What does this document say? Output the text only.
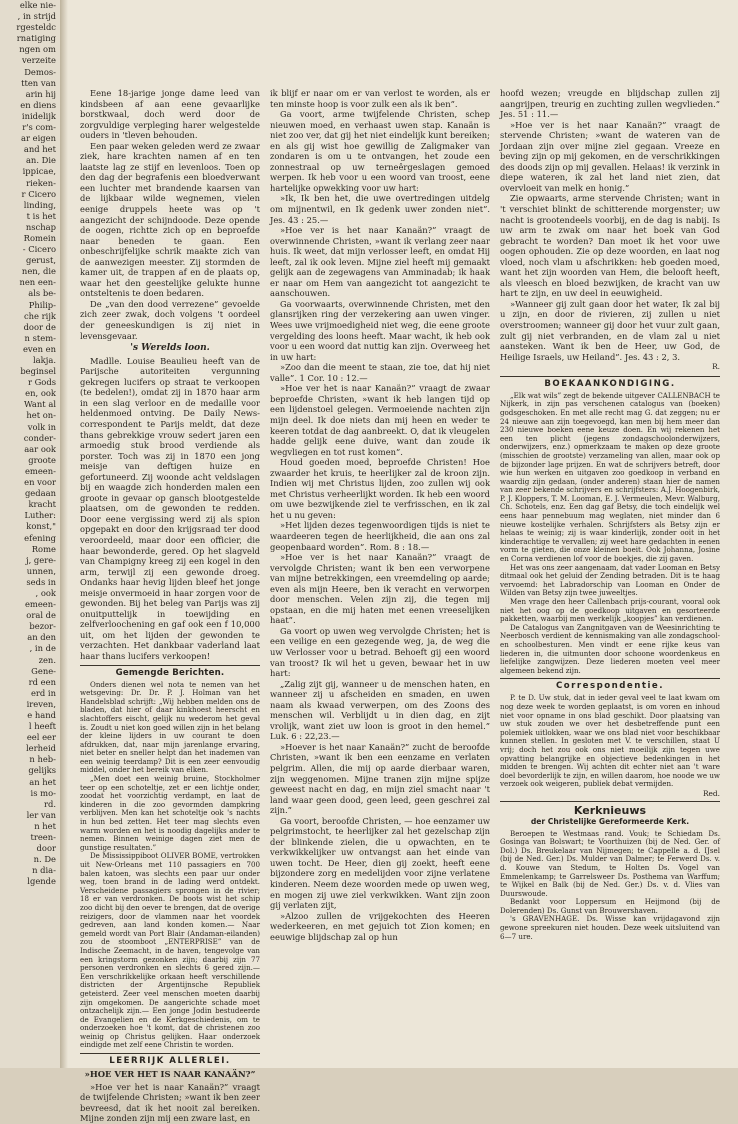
elke nie-
, in strijd
rgesteldc
rnatiging
ngen om
verzeite
Demos-
tten van
arin hij
en diens
inidelijk
r's com-
ar eigen
and het
an. Die
ippicae,
rieken-
r Cicero
linding,
t is het
nschap
Romein
- Cicero
gerust,
nen, die
nen een-
als be-
Philip-
che rijk
door de
n stem-
even en
lakja.
beginsel
r Gods
en, ook
Want al
het on-
volk in
conder-
aar ook
groote
emeen-
en voor
gedaan
kracht
Luther:
konst,"
efening
Rome
j, gere-
unnen,
seds in
, ook
emeen-
oral de
bezor-
an den
, in de
zen.
Gene-
rd een
erd in
ireven,
e hand
l heeft
eel eer
lerheid
n heb-
gelijks
an het
is mo-
rd.
ler van
n het
treen-
door
n. De
n dia-
lgende

Eene 18-jarige jonge dame leed van kindsbeen af aan eene gevaarlijke borstkwaal, doch werd door de zorgvuldige verpleging harer welgestelde ouders in 'tleven behouden.

Een paar weken geleden werd ze zwaar ziek, hare krachten namen af en ten laatste lag ze stijf en levenloos. Toen op den dag der begrafenis een bloedverwant een luchter met brandende kaarsen van de lijkbaar wilde wegnemen, vielen eenige druppels heete was op 't aangezicht der schijndoode. Deze opende de oogen, richtte zich op en beproefde naar beneden te gaan. Een onbeschrijfelijke schrik maakte zich van de aanwezigen meester. Zij stormden de kamer uit, de trappen af en de plaats op, waar het den geestelijke gelukte hunne ontsteltenis te doen bedaren.

De „van den dood verrezene” gevoelde zich zeer zwak, doch volgens 't oordeel der geneeskundigen is zij niet in levensgevaar.

's Werelds loon.

Madlle. Louise Beaulieu heeft van de Parijsche autoriteiten vergunning gekregen lucifers op straat te verkoopen (te bedelen!), omdat zij in 1870 haar arm in een slag verloor en de medaille voor heldenmoed ontving. De Daily News-correspondent te Parijs meldt, dat deze thans gebrekkige vrouw sedert jaren een armoedig stuk brood verdiende als porster. Toch was zij in 1870 een jong meisje van deftigen huize en gefortuneerd. Zij woonde acht veldslagen bij en waagde zich honderden malen een groote in gevaar op gansch blootgestelde plaatsen, om de gewonden te redden. Door eene vergissing werd zij als spion opgepakt en door den krijgsraad ter dood veroordeeld, maar door een officier, die haar bewonderde, gered. Op het slagveld van Champigny kreeg zij een kogel in den arm, terwijl zij een gewonde droeg. Ondanks haar hevig lijden bleef het jonge meisje onvermoeid in haar zorgen voor de gewonden. Bij het beleg van Parijs was zij onuitputtelijk in toewijding en zelfverloochening en gaf ook een f 10,000 uit, om het lijden der gewonden te verzachten. Het dankbaar vaderland laat haar thans lucifers verkoopen!

Gemengde Berichten.

Onders dienen wel nota te nemen van het wetsgeving: Dr. Dr. P. J. Holman van het Handelsblad schrijft: „Wij hebben melden ons de bladen, dat hier of daar kinkhoest heerscht en slachtoffers eischt, gelijk nu wederom het geval is. Zoudt u niet kon goed willen zijn in het belang der kleine lijders in uw courant te doen afdrukken, dat, naar mijn jarenlange ervaring, niet beter en sneller helpt dan het inademen van een weinig teerdamp? Dit is een zeer eenvoudig middel, onder het bereik van elken.

„Men doet een weinig bruine, Stockholmer teer op een schoteltje, zet er een lichtje onder, zoodat het voorzichtig verdampt, en laat de kinderen in die zoo gevormden dampkring verblijven. Men kan het schoteltje ook 's nachts in hun bed zetten. Het teer mag slechts even warm worden en het is noodig dagelijks ander te nemen. Binnen weinige dagen ziet men de gunstige resultaten.”

De Mississippiboot OLIVER BOME, vertrokken uit New-Orleans met 110 passagiers en 700 balen katoen, was slechts een paar uur onder weg, toen brand in de lading werd ontdekt. Verscheidene passagiers sprongen in de rivier; 18 er van verdronken. De boots wist het schip zoo dicht bij den oever te brengen, dat de overige reizigers, door de vlammen naar het voordek gedreven, aan land konden komen.— Naar gemeld wordt van Port Blair (Andaman-eilanden) zou de stoomboot „ENTERPRISE” van de Indische Zeemacht, in de haven, tengevolge van een kringstorm gezonken zijn; daarbij zijn 77 personen verdronken en slechts 6 gered zijn.— Een verschrikkelijke orkaan heeft verschillende districten der Argentijnsche Republiek geteisterd. Zeer veel menschen moeten daarbij zijn omgekomen. De aangerichte schade moet ontzachelijk zijn.— Een jonge Jodin bestudeerde de Evangelien en de Kerkgeschiedenis, om te onderzoeken hoe 't komt, dat de christenen zoo weinig op Christus gelijken. Haar onderzoek eindigde met zelf eene Christin te worden.

LEERRIJK ALLERLEI.
»HOE VER HET IS NAAR KANAÄN?”

»Hoe ver het is naar Kanaän?” vraagt de twijfelende Christen; »want ik ben zeer bevreesd, dat ik het nooit zal bereiken. Mijne zonden zijn mij een zware last, en

ik blijf er naar om er van verlost te worden, als er ten minste hoop is voor zulk een als ik ben”.

Ga voort, arme twijfelende Christen, schep nieuwen moed, en verhaast uwen stap. Kanaän is niet zoo ver, dat gij het niet eindelijk kunt bereiken; en als gij wist hoe gewillig de Zaligmaker van zondaren is om u te ontvangen, het zoude een zonnestraal op uw terneêrgeslagen gemoed werpen. Ik heb voor u een woord van troost, eene hartelijke opwekking voor uw hart:

»Ik, Ik ben het, die uwe overtredingen uitdelg om mijnentwil, en Ik gedenk uwer zonden niet”. Jes. 43 : 25.—

»Hoe ver is het naar Kanaän?” vraagt de overwinnende Christen, »want ik verlang zeer naar huis. Ik weet, dat mijn verlosser leeft, en omdat Hij leeft, zal ik ook leven. Mijne ziel heeft mij gemaakt gelijk aan de zegewagens van Amminadab; ik haak er naar om Hem van aangezicht tot aangezicht te aanschouwen.

Ga voorwaarts, overwinnende Christen, met den glansrijken ring der verzekering aan uwen vinger. Wees uwe vrijmoedigheid niet weg, die eene groote vergelding des loons heeft. Maar wacht, ik heb ook voor u een woord dat nuttig kan zijn. Overweeg het in uw hart:

»Zoo dan die meent te staan, zie toe, dat hij niet valle”. 1 Cor. 10 : 12.—

»Hoe ver het is naar Kanaän?” vraagt de zwaar beproefde Christen, »want ik heb langen tijd op een lijdenstoel gelegen. Vermoeiende nachten zijn mijn deel. Ik doe niets dan mij heen en weder te keeren totdat de dag aanbreekt. O, dat ik vleugelen hadde gelijk eene duive, want dan zoude ik wegvliegen en tot rust komen”.

Houd goeden moed, beproefde Christen! Hoe zwaarder het kruis, te heerlijker zal de kroon zijn. Indien wij met Christus lijden, zoo zullen wij ook met Christus verheerlijkt worden. Ik heb een woord om uwe bezwijkende ziel te verfrisschen, en ik zal het u nu geven:

»Het lijden dezes tegenwoordigen tijds is niet te waardeeren tegen de heerlijkheid, die aan ons zal geopenbaard worden”. Rom. 8 : 18.—

»Hoe ver is het naar Kanaän?” vraagt de vervolgde Christen; want ik ben een verworpene van mijne betrekkingen, een vreemdeling op aarde; even als mijn Heere, ben ik veracht en verworpen door menschen. Velen zijn zij, die tegen mij opstaan, en die mij haten met eenen vreeselijken haat”.

Ga voort op uwen weg vervolgde Christen; het is een veilige en een gezegende weg, ja, de weg die uw Verlosser voor u betrad. Behoeft gij een woord van troost? Ik wil het u geven, bewaar het in uw hart:

„Zalig zijt gij, wanneer u de menschen haten, en wanneer zij u afscheiden en smaden, en uwen naam als kwaad verwerpen, om des Zoons des menschen wil. Verblijdt u in dien dag, en zijt vrolijk, want ziet uw loon is groot in den hemel.” Luk. 6 : 22,23.—

»Hoever is het naar Kanaän?” zucht de beroofde Christen, »want ik ben een eenzame en verlaten pelgrim. Allen, die mij op aarde dierbaar waren, zijn weggenomen. Mijne tranen zijn mijne spijze geweest nacht en dag, en mijn ziel smacht naar 't land waar geen dood, geen leed, geen geschrei zal zijn.”

Ga voort, beroofde Christen, — hoe eenzamer uw pelgrimstocht, te heerlijker zal het gezelschap zijn der blinkende zielen, die u opwachten, en te verkwikkelijker uw ontvangst aan het einde van uwen tocht. De Heer, dien gij zoekt, heeft eene bijzondere zorg en medelijden voor zijne verlatene kinderen. Neem deze woorden mede op uwen weg, en mogen zij uwe ziel verkwikken. Want zijn zoon gij verlaten zijt,

»Alzoo zullen de vrijgekochten des Heeren wederkeeren, en met gejuich tot Zion komen; en eeuwige blijdschap zal op hun

hoofd wezen; vreugde en blijdschap zullen zij aangrijpen, treurig en zuchting zullen wegvlieden.” Jes. 51 : 11.—

»Hoe ver is het naar Kanaän?” vraagt de stervende Christen; »want de wateren van de Jordaan zijn over mijne ziel gegaan. Vreeze en beving zijn op mij gekomen, en de verschrikkingen des doods zijn op mij gevallen. Helaas! ik verzink in diepe wateren, ik zal het land niet zien, dat overvloeit van melk en honig.”

Zie opwaarts, arme stervende Christen; want in 't verschiet blinkt de schitterende morgenster; uw nacht is grootendeels voorbij, en de dag is nabij. Is uw arm te zwak om naar het boek van God gebracht te worden? Dan moet ik het voor uwe oogen ophouden. Zie op deze woorden, en laat nog vloed, noch vlam u afschrikken: heb goeden moed, want het zijn woorden van Hem, die belooft heeft, als vleesch en bloed bezwijken, de kracht van uw hart te zijn, en uw deel in eeuwigheid.

»Wanneer gij zult gaan door het water, Ik zal bij u zijn, en door de rivieren, zij zullen u niet overstroomen; wanneer gij door het vuur zult gaan, zult gij niet verbranden, en de vlam zal u niet aansteken. Want ik ben de Heer, uw God, de Heilige Israels, uw Heiland”. Jes. 43 : 2, 3.

R.
BOEKAANKONDIGING.

„Elk wat wils” zegt de bekende uitgever CALLENBACH te Nijkerk, in zijn pas verschenen catalogus van (boeken) godsgeschoken. En met alle recht mag G. dat zeggen; nu er 24 nieuwe aan zijn toegevoegd, kan men bij hem meer dan 230 nieuwe boeken eene keuze doen. En wij rekenen het een ten plicht (jegens zondagschoolonderwijzers, onderwijzers, enz.) opmerkzaam te maken op deze groote (misschien de grootste) verzameling van allen, maar ook op de bijzonder lage prijzen. En wat de schrijvers betreft, door wie hun werken en uitgaven zoo goedkoop in verband en waardig zijn gedaan, (onder anderen) staan hier de namen van zeer bekende schrijvers en schrijfsters: A.J. Hoogenbirk, P. J. Kloppers, T. M. Looman, E. J. Vermeulen, Mevr. Walburg, Ch. Schotels, enz. Een dag gaf Betsy, die toch eindelijk wel eens haar pennebuum mag weglaten, niet minder dan 6 nieuwe kostelijke verhalen. Schrijfsters als Betsy zijn er helaas te weinig; zij is waar kinderlijk, zonder ooit in het kinderachtige te vervallen; zij weet hare gedachten in eenen vorm te gieten, die onze kleinen boeit. Ook Johanna, Josine en Corna verdienen lof voor de boekjes, die zij gaven.

Het was ons zeer aangenaam, dat vader Looman en Betsy ditmaal ook het geluid der Zending betraden. Dit is te haag vervoemd: het Labradorschip van Looman en Onder de Wilden van Betsy zijn twee juweeltjes.

Men vrage den heer Callenbach prijs-courant, vooral ook niet het oog op de goedkoop uitgaven en gesorteerde pakketten, waarbij men werkelijk „koopjes” kan verdienen.

De Catalogus van Zangnitgaven van de Weesinrichting te Neerbosch verdient de kennismaking van alle zondagschool- en schoolbesturen. Men vindt er eene rijke keus van liederen in, die uitmunten door schoone woordenkeus en liefelijke zangwijzen. Deze liederen moeten veel meer algemeen bekend zijn.

Correspondentie.

P. te D. Uw stuk, dat in ieder geval veel te laat kwam om nog deze week te worden geplaatst, is om voren en inhoud niet voor opname in ons blad geschikt. Door plaatsing van uw stuk zouden we over het desbetreffende punt een polemiek uitlokken, waar we ons blad niet voor beschikbaar kunnen stellen. In gesloten met V. te verschillen, staat U vrij; doch het zou ook ons niet moeilijk zijn tegen uwe opvatting belangrijke en objectieve bedenkingen in het midden te brengen. Wij achten dit echter niet aan 't ware doel bevorderlijk te zijn, en willen daarom, hoe noode we uw verzoek ook weigeren, publiek debat vermijden.

Red.
Kerknieuws
der Christelijke Gereformeerde Kerk.

Beroepen te Westmaas rand. Vouk; te Schiedam Ds. Gosinga van Bolswart; te Voorthuizen (bij de Ned. Ger. of Dol.) Ds. Breukelaar van Nijmegen; te Cappelle a. d. IJsel (bij de Ned. Ger.) Ds. Mulder van Dalmer; te Ferwerd Ds. v. d. Kouwe van Stedum, te Holten Ds. Vogel van Emmelenkamp; te Garrelsweer Ds. Posthema van Warffum; te Wijkel en Balk (bij de Ned. Ger.) Ds. v. d. Vlies van Duurswoude.

Bedankt voor Loppersum en Heijmond (bij de Dolerenden) Ds. Gunst van Brouwershaven.

's GRAVENHAGE. Ds. Wisse kan vrijdagavond zijn gewone spreekuren niet houden. Deze week uitsluitend van 6—7 ure.
